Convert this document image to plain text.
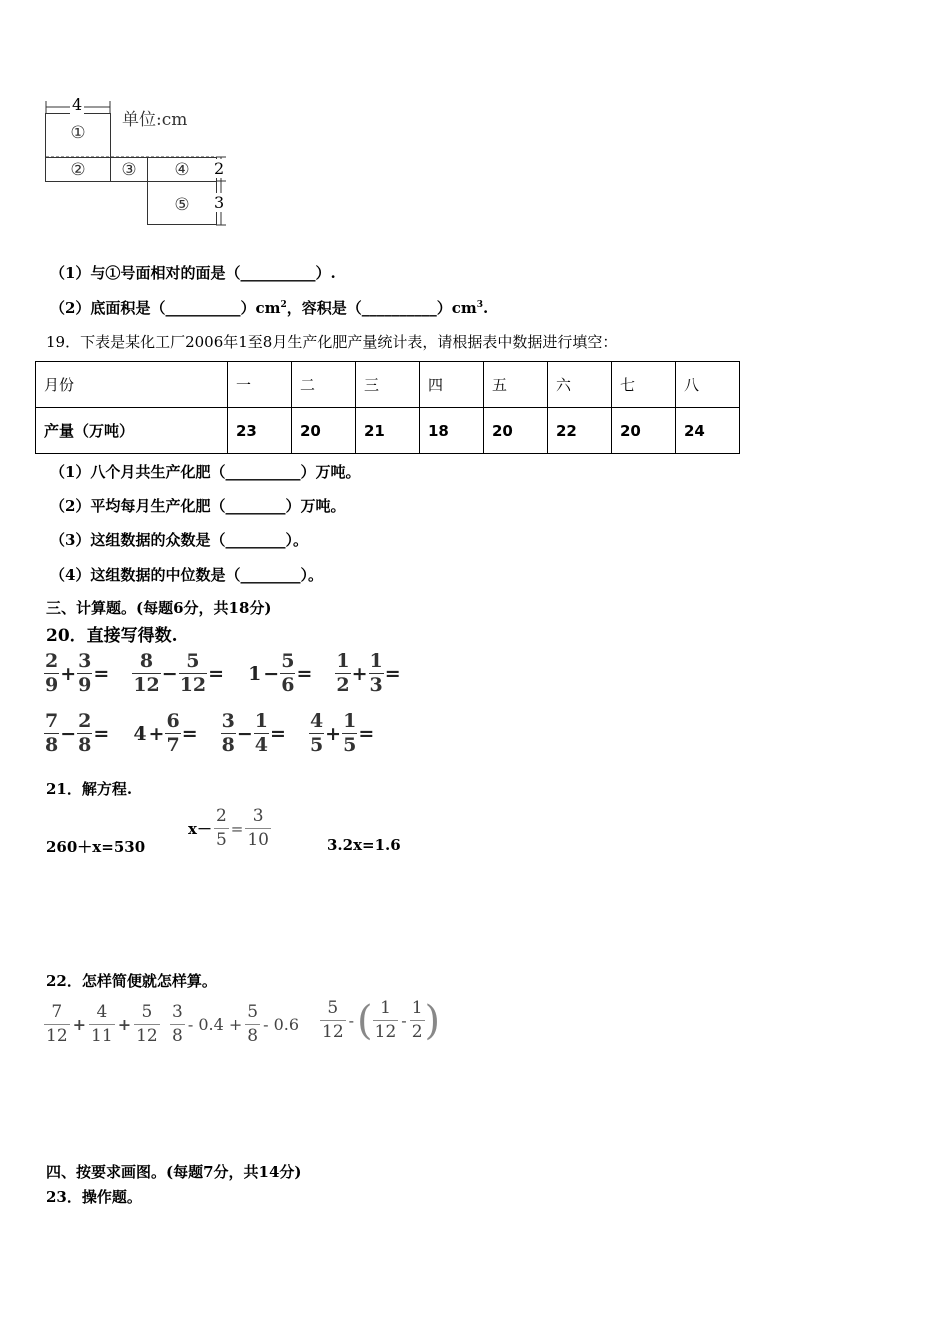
4
单位:cm
①
②	③	④
⑤
2
3
（1）与①号面相对的面是（__________）.
（2）底面积是$(\_\_\_\_\_\_\_\_\_\_)cm^2$，容积是$(\_\_\_\_\_\_\_\_\_\_)cm^3$.
19．下表是某化工厂2006年1至8月生产化肥产量统计表，请根据表中数据进行填空：
月份	一	二	三	四	五	六	七	八
产量（万吨）	23	20	21	18	20	22	20	24
（1）八个月共生产化肥（__________）万吨。
（2）平均每月生产化肥（________）万吨。
（3）这组数据的众数是（________）。
（4）这组数据的中位数是（________）。
三、计算题。(每题6分，共18分)
20．直接写得数.
2
9
+ $\frac{3}{9}$ =
8
12
− $\frac{5}{12} = 1 - \frac{5}{6}$ =
1
2
+ $\frac{1}{3}$ =
7
8
− $\frac{2}{8} = 4 + \frac{6}{7}$ =
3
8
− $\frac{1}{4}$ =
4
5
+ $\frac{1}{5}$ =
21．解方程.
260＋x=530
$x- \frac{2}{5} = \frac{3}{10}$	3.2x=1.6
22．怎样简便就怎样算。
7
12
+ $\frac{4}{11} + \frac{5}{12} 3$
8
- $0.4 + \frac{5}{8} - 0.6$
5
12
- ( 1
12
-
1
2 )
四、按要求画图。(每题7分，共14分)
23．操作题。
